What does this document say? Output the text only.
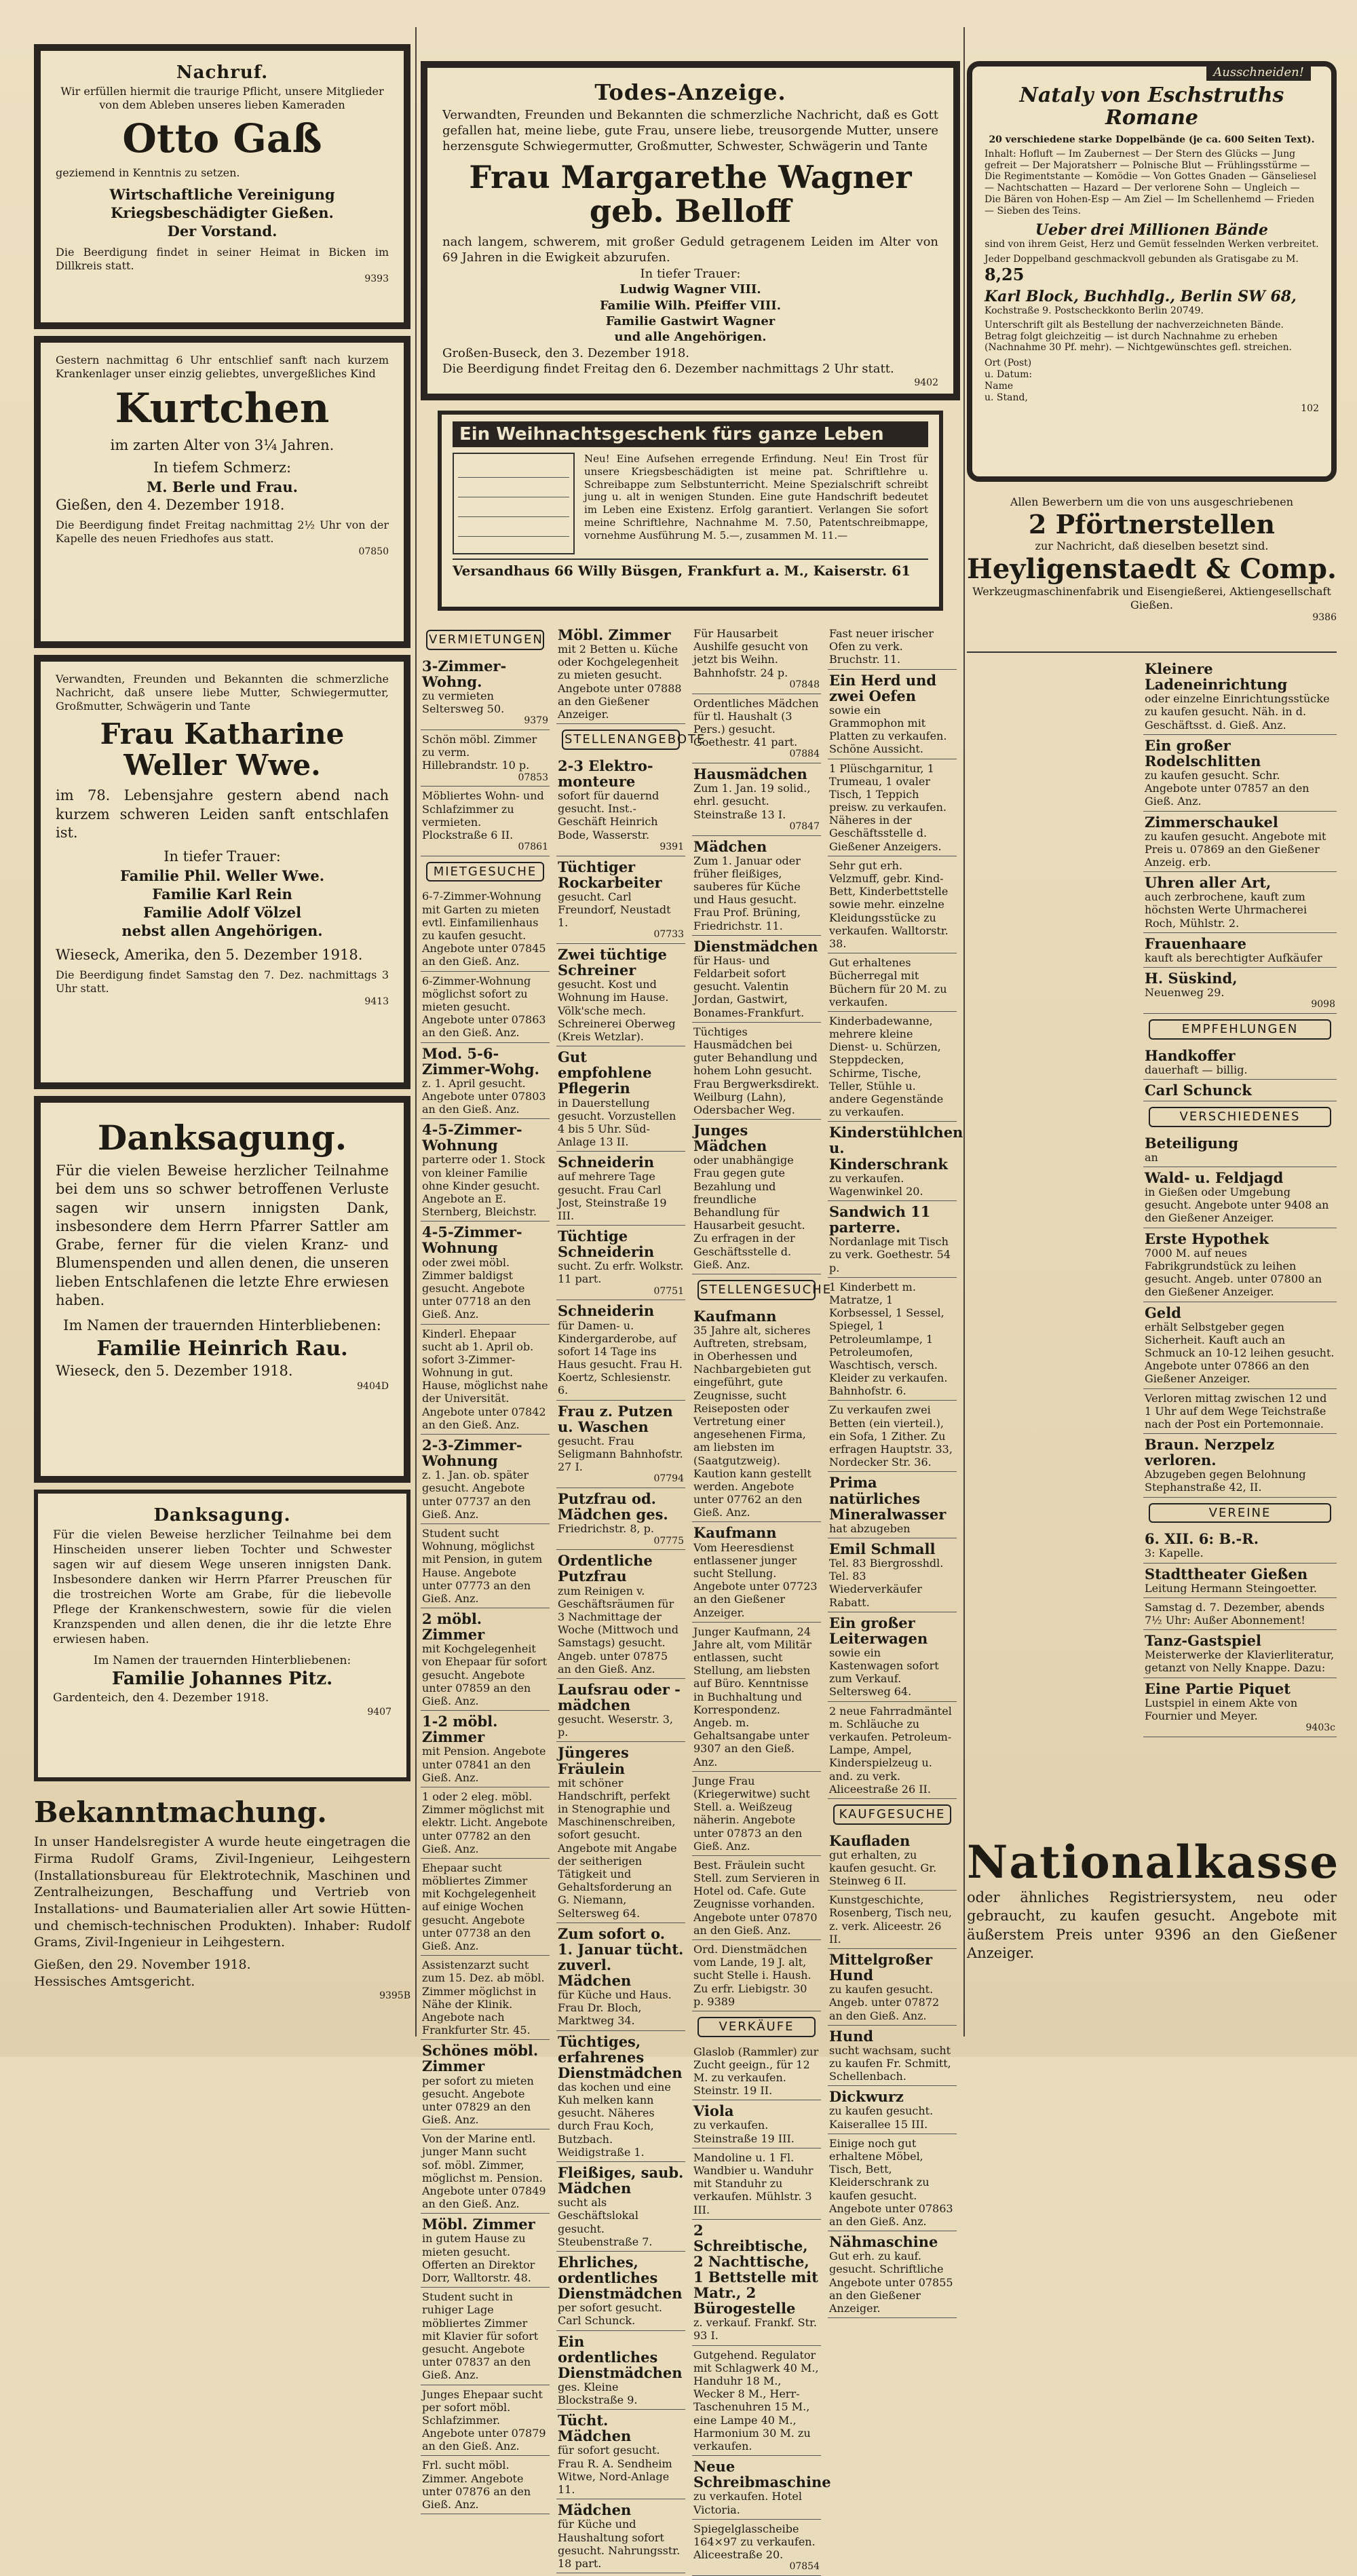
Nachruf.
Wir erfüllen hiermit die traurige Pflicht, unsere Mitglieder von dem Ableben unseres lieben Kameraden
Otto Gaß
geziemend in Kenntnis zu setzen.
Wirtschaftliche Vereinigung Kriegsbeschädigter Gießen.
Der Vorstand.
Die Beerdigung findet in seiner Heimat in Bicken im Dillkreis statt.
9393
Gestern nachmittag 6 Uhr entschlief sanft nach kurzem Krankenlager unser einzig geliebtes, unvergeßliches Kind
Kurtchen
im zarten Alter von 3¼ Jahren.
In tiefem Schmerz:
M. Berle und Frau.
Gießen, den 4. Dezember 1918.
Die Beerdigung findet Freitag nachmittag 2½ Uhr von der Kapelle des neuen Friedhofes aus statt.
07850
Verwandten, Freunden und Bekannten die schmerzliche Nachricht, daß unsere liebe Mutter, Schwiegermutter, Großmutter, Schwägerin und Tante
Frau Katharine Weller Wwe.
im 78. Lebensjahre gestern abend nach kurzem schweren Leiden sanft entschlafen ist.
In tiefer Trauer:
Familie Phil. Weller Wwe.
Familie Karl Rein
Familie Adolf Völzel
nebst allen Angehörigen.
Wieseck, Amerika, den 5. Dezember 1918.
Die Beerdigung findet Samstag den 7. Dez. nachmittags 3 Uhr statt.
9413
Danksagung.
Für die vielen Beweise herzlicher Teilnahme bei dem uns so schwer betroffenen Verluste sagen wir unsern innigsten Dank, insbesondere dem Herrn Pfarrer Sattler am Grabe, ferner für die vielen Kranz- und Blumenspenden und allen denen, die unseren lieben Entschlafenen die letzte Ehre erwiesen haben.
Im Namen der trauernden Hinterbliebenen:
Familie Heinrich Rau.
Wieseck, den 5. Dezember 1918.
9404D
Danksagung.
Für die vielen Beweise herzlicher Teilnahme bei dem Hinscheiden unserer lieben Tochter und Schwester sagen wir auf diesem Wege unseren innigsten Dank. Insbesondere danken wir Herrn Pfarrer Preuschen für die trostreichen Worte am Grabe, für die liebevolle Pflege der Krankenschwestern, sowie für die vielen Kranzspenden und allen denen, die ihr die letzte Ehre erwiesen haben.
Im Namen der trauernden Hinterbliebenen:
Familie Johannes Pitz.
Gardenteich, den 4. Dezember 1918.
9407
Bekanntmachung.
In unser Handelsregister A wurde heute eingetragen die Firma Rudolf Grams, Zivil-Ingenieur, Leihgestern (Installationsbureau für Elektrotechnik, Maschinen und Zentralheizungen, Beschaffung und Vertrieb von Installations- und Baumaterialien aller Art sowie Hütten- und chemisch-technischen Produkten). Inhaber: Rudolf Grams, Zivil-Ingenieur in Leihgestern.
Gießen, den 29. November 1918.
Hessisches Amtsgericht.
9395B
Todes-Anzeige.
Verwandten, Freunden und Bekannten die schmerzliche Nachricht, daß es Gott gefallen hat, meine liebe, gute Frau, unsere liebe, treusorgende Mutter, unsere herzensgute Schwiegermutter, Großmutter, Schwester, Schwägerin und Tante
Frau Margarethe Wagner geb. Belloff
nach langem, schwerem, mit großer Geduld getragenem Leiden im Alter von 69 Jahren in die Ewigkeit abzurufen.
In tiefer Trauer:
Ludwig Wagner VIII.
Familie Wilh. Pfeiffer VIII.
Familie Gastwirt Wagner
und alle Angehörigen.
Großen-Buseck, den 3. Dezember 1918.
Die Beerdigung findet Freitag den 6. Dezember nachmittags 2 Uhr statt.
9402
Ein Weihnachtsgeschenk fürs ganze Leben
Neu! Eine Aufsehen erregende Erfindung. Neu! Ein Trost für unsere Kriegsbeschädigten ist meine pat. Schriftlehre u. Schreibappe zum Selbstunterricht. Meine Spezialschrift schreibt jung u. alt in wenigen Stunden. Eine gute Handschrift bedeutet im Leben eine Existenz. Erfolg garantiert. Verlangen Sie sofort meine Schriftlehre, Nachnahme M. 7.50, Patentschreibmappe, vornehme Ausführung M. 5.—, zusammen M. 11.—
Versandhaus 66 Willy Büsgen, Frankfurt a. M., Kaiserstr. 61
VERMIETUNGEN
3-Zimmer-Wohng.
zu vermieten Seltersweg 50.
9379
Schön möbl. Zimmer zu verm. Hillebrandstr. 10 p.
07853
Möbliertes Wohn- und Schlafzimmer zu vermieten. Plockstraße 6 II.
07861
MIETGESUCHE
6-7-Zimmer-Wohnung mit Garten zu mieten evtl. Einfamilienhaus zu kaufen gesucht. Angebote unter 07845 an den Gieß. Anz.
6-Zimmer-Wohnung möglichst sofort zu mieten gesucht. Angebote unter 07863 an den Gieß. Anz.
Mod. 5-6-Zimmer-Wohg.
z. 1. April gesucht. Angebote unter 07803 an den Gieß. Anz.
4-5-Zimmer-Wohnung
parterre oder 1. Stock von kleiner Familie ohne Kinder gesucht. Angebote an E. Sternberg, Bleichstr.
4-5-Zimmer-Wohnung
oder zwei möbl. Zimmer baldigst gesucht. Angebote unter 07718 an den Gieß. Anz.
Kinderl. Ehepaar sucht ab 1. April ob. sofort 3-Zimmer-Wohnung in gut. Hause, möglichst nahe der Universität. Angebote unter 07842 an den Gieß. Anz.
2-3-Zimmer-Wohnung
z. 1. Jan. ob. später gesucht. Angebote unter 07737 an den Gieß. Anz.
Student sucht Wohnung, möglichst mit Pension, in gutem Hause. Angebote unter 07773 an den Gieß. Anz.
2 möbl. Zimmer
mit Kochgelegenheit von Ehepaar für sofort gesucht. Angebote unter 07859 an den Gieß. Anz.
1-2 möbl. Zimmer
mit Pension. Angebote unter 07841 an den Gieß. Anz.
1 oder 2 eleg. möbl. Zimmer möglichst mit elektr. Licht. Angebote unter 07782 an den Gieß. Anz.
Ehepaar sucht möbliertes Zimmer mit Kochgelegenheit auf einige Wochen gesucht. Angebote unter 07738 an den Gieß. Anz.
Assistenzarzt sucht zum 15. Dez. ab möbl. Zimmer möglichst in Nähe der Klinik. Angebote nach Frankfurter Str. 45.
Schönes möbl. Zimmer
per sofort zu mieten gesucht. Angebote unter 07829 an den Gieß. Anz.
Von der Marine entl. junger Mann sucht sof. möbl. Zimmer, möglichst m. Pension. Angebote unter 07849 an den Gieß. Anz.
Möbl. Zimmer
in gutem Hause zu mieten gesucht. Offerten an Direktor Dorr, Walltorstr. 48.
Student sucht in ruhiger Lage möbliertes Zimmer mit Klavier für sofort gesucht. Angebote unter 07837 an den Gieß. Anz.
Junges Ehepaar sucht per sofort möbl. Schlafzimmer. Angebote unter 07879 an den Gieß. Anz.
Frl. sucht möbl. Zimmer. Angebote unter 07876 an den Gieß. Anz.
Möbl. Zimmer
mit 2 Betten u. Küche oder Kochgelegenheit zu mieten gesucht. Angebote unter 07888 an den Gießener Anzeiger.
STELLENANGEBOTE
2-3 Elektro-monteure
sofort für dauernd gesucht. Inst.-Geschäft Heinrich Bode, Wasserstr.
9391
Tüchtiger Rockarbeiter
gesucht. Carl Freundorf, Neustadt 1.
07733
Zwei tüchtige Schreiner
gesucht. Kost und Wohnung im Hause. Völk'sche mech. Schreinerei Oberweg (Kreis Wetzlar).
Gut empfohlene Pflegerin
in Dauerstellung gesucht. Vorzustellen 4 bis 5 Uhr. Süd-Anlage 13 II.
Schneiderin
auf mehrere Tage gesucht. Frau Carl Jost, Steinstraße 19 III.
Tüchtige Schneiderin
sucht. Zu erfr. Wolkstr. 11 part.
07751
Schneiderin
für Damen- u. Kindergarderobe, auf sofort 14 Tage ins Haus gesucht. Frau H. Koertz, Schlesienstr. 6.
Frau z. Putzen u. Waschen
gesucht. Frau Seligmann Bahnhofstr. 27 I.
07794
Putzfrau od. Mädchen ges.
Friedrichstr. 8, p.
07775
Ordentliche Putzfrau
zum Reinigen v. Geschäftsräumen für 3 Nachmittage der Woche (Mittwoch und Samstags) gesucht. Angeb. unter 07875 an den Gieß. Anz.
Laufsrau oder -mädchen
gesucht. Weserstr. 3, p.
Jüngeres Fräulein
mit schöner Handschrift, perfekt in Stenographie und Maschinenschreiben, sofort gesucht. Angebote mit Angabe der seitherigen Tätigkeit und Gehaltsforderung an G. Niemann, Seltersweg 64.
Zum sofort o. 1. Januar tücht. zuverl. Mädchen
für Küche und Haus. Frau Dr. Bloch, Marktweg 34.
Tüchtiges, erfahrenes Dienstmädchen
das kochen und eine Kuh melken kann gesucht. Näheres durch Frau Koch, Butzbach. Weidigstraße 1.
Fleißiges, saub. Mädchen
sucht als Geschäftslokal gesucht. Steubenstraße 7.
Ehrliches, ordentliches Dienstmädchen
per sofort gesucht. Carl Schunck.
Ein ordentliches Dienstmädchen
ges. Kleine Blockstraße 9.
Tücht. Mädchen
für sofort gesucht. Frau R. A. Sendheim Witwe, Nord-Anlage 11.
Mädchen
für Küche und Haushaltung sofort gesucht. Nahrungsstr. 18 part.
Für Hausarbeit Aushilfe gesucht von jetzt bis Weihn. Bahnhofstr. 24 p.
07848
Ordentliches Mädchen für tl. Haushalt (3 Pers.) gesucht. Goethestr. 41 part.
07884
Hausmädchen
Zum 1. Jan. 19 solid., ehrl. gesucht. Steinstraße 13 I.
07847
Mädchen
Zum 1. Januar oder früher fleißiges, sauberes für Küche und Haus gesucht. Frau Prof. Brüning, Friedrichstr. 11.
Dienstmädchen
für Haus- und Feldarbeit sofort gesucht. Valentin Jordan, Gastwirt, Bonames-Frankfurt.
Tüchtiges Hausmädchen bei guter Behandlung und hohem Lohn gesucht. Frau Bergwerksdirekt. Weilburg (Lahn), Odersbacher Weg.
Junges Mädchen
oder unabhängige Frau gegen gute Bezahlung und freundliche Behandlung für Hausarbeit gesucht. Zu erfragen in der Geschäftsstelle d. Gieß. Anz.
STELLENGESUCHE
Kaufmann
35 Jahre alt, sicheres Auftreten, strebsam, in Oberhessen und Nachbargebieten gut eingeführt, gute Zeugnisse, sucht Reiseposten oder Vertretung einer angesehenen Firma, am liebsten im (Saatgutzweig). Kaution kann gestellt werden. Angebote unter 07762 an den Gieß. Anz.
Kaufmann
Vom Heeresdienst entlassener junger sucht Stellung. Angebote unter 07723 an den Gießener Anzeiger.
Junger Kaufmann, 24 Jahre alt, vom Militär entlassen, sucht Stellung, am liebsten auf Büro. Kenntnisse in Buchhaltung und Korrespondenz. Angeb. m. Gehaltsangabe unter 9307 an den Gieß. Anz.
Junge Frau (Kriegerwitwe) sucht Stell. a. Weißzeug näherin. Angebote unter 07873 an den Gieß. Anz.
Best. Fräulein sucht Stell. zum Servieren in Hotel od. Cafe. Gute Zeugnisse vorhanden. Angebote unter 07870 an den Gieß. Anz.
Ord. Dienstmädchen vom Lande, 19 J. alt, sucht Stelle i. Haush. Zu erfr. Liebigstr. 30 p. 9389
VERKÄUFE
Glaslob (Rammler) zur Zucht geeign., für 12 M. zu verkaufen. Steinstr. 19 II.
Viola
zu verkaufen. Steinstraße 19 III.
Mandoline u. 1 Fl. Wandbier u. Wanduhr mit Standuhr zu verkaufen. Mühlstr. 3 III.
2 Schreibtische, 2 Nachttische, 1 Bettstelle mit Matr., 2 Bürogestelle
z. verkauf. Frankf. Str. 93 I.
Gutgehend. Regulator mit Schlagwerk 40 M., Handuhr 18 M., Wecker 8 M., Herr-Taschenuhren 15 M., eine Lampe 40 M., Harmonium 30 M. zu verkaufen.
Neue Schreibmaschine
zu verkaufen. Hotel Victoria.
Spiegelglasscheibe 164×97 zu verkaufen. Aliceestraße 20.
07854
Fast neuer irischer Ofen zu verk. Bruchstr. 11.
Ein Herd und zwei Oefen
sowie ein Grammophon mit Platten zu verkaufen. Schöne Aussicht.
1 Plüschgarnitur, 1 Trumeau, 1 ovaler Tisch, 1 Teppich preisw. zu verkaufen. Näheres in der Geschäftsstelle d. Gießener Anzeigers.
Sehr gut erh. Velzmuff, gebr. Kind-Bett, Kinderbettstelle sowie mehr. einzelne Kleidungsstücke zu verkaufen. Walltorstr. 38.
Gut erhaltenes Bücherregal mit Büchern für 20 M. zu verkaufen.
Kinderbadewanne, mehrere kleine Dienst- u. Schürzen, Steppdecken, Schirme, Tische, Teller, Stühle u. andere Gegenstände zu verkaufen.
Kinderstühlchen u. Kinderschrank
zu verkaufen. Wagenwinkel 20.
Sandwich 11 parterre.
Nordanlage mit Tisch zu verk. Goethestr. 54 p.
1 Kinderbett m. Matratze, 1 Korbsessel, 1 Sessel, Spiegel, 1 Petroleumlampe, 1 Petroleumofen, Waschtisch, versch. Kleider zu verkaufen. Bahnhofstr. 6.
Zu verkaufen zwei Betten (ein vierteil.), ein Sofa, 1 Zither. Zu erfragen Hauptstr. 33, Nordecker Str. 36.
Prima natürliches Mineralwasser
hat abzugeben
Emil Schmall
Tel. 83 Biergrosshdl. Tel. 83 Wiederverkäufer Rabatt.
Ein großer Leiterwagen
sowie ein Kastenwagen sofort zum Verkauf. Seltersweg 64.
2 neue Fahrradmäntel m. Schläuche zu verkaufen. Petroleum-Lampe, Ampel, Kinderspielzeug u. and. zu verk. Aliceestraße 26 II.
KAUFGESUCHE
Kaufladen
gut erhalten, zu kaufen gesucht. Gr. Steinweg 6 II.
Kunstgeschichte, Rosenberg, Tisch neu, z. verk. Aliceestr. 26 II.
Mittelgroßer Hund
zu kaufen gesucht. Angeb. unter 07872 an den Gieß. Anz.
Hund
sucht wachsam, sucht zu kaufen Fr. Schmitt, Schellenbach.
Dickwurz
zu kaufen gesucht. Kaiserallee 15 III.
Einige noch gut erhaltene Möbel, Tisch, Bett, Kleiderschrank zu kaufen gesucht. Angebote unter 07863 an den Gieß. Anz.
Nähmaschine
Gut erh. zu kauf. gesucht. Schriftliche Angebote unter 07855 an den Gießener Anzeiger.
Ausschneiden!
Nataly von Eschstruths Romane
20 verschiedene starke Doppelbände (je ca. 600 Seiten Text).
Inhalt: Hofluft — Im Zaubernest — Der Stern des Glücks — Jung gefreit — Der Majoratsherr — Polnische Blut — Frühlingsstürme — Die Regimentstante — Komödie — Von Gottes Gnaden — Gänseliesel — Nachtschatten — Hazard — Der verlorene Sohn — Ungleich — Die Bären von Hohen-Esp — Am Ziel — Im Schellenhemd — Frieden — Sieben des Teins.
Ueber drei Millionen Bände
sind von ihrem Geist, Herz und Gemüt fesselnden Werken verbreitet.
Jeder Doppelband geschmackvoll gebunden als Gratisgabe zu M. 8,25
Karl Block, Buchhdlg., Berlin SW 68,
Kochstraße 9. Postscheckkonto Berlin 20749.
Unterschrift gilt als Bestellung der nachverzeichneten Bände. Betrag folgt gleichzeitig — ist durch Nachnahme zu erheben (Nachnahme 30 Pf. mehr). — Nichtgewünschtes gefl. streichen.
Ort (Post)
u. Datum:
Name
u. Stand,
102
Allen Bewerbern um die von uns ausgeschriebenen
2 Pförtnerstellen
zur Nachricht, daß dieselben besetzt sind.
Heyligenstaedt & Comp.
Werkzeugmaschinenfabrik und Eisengießerei, Aktiengesellschaft Gießen.
9386
Kleinere Ladeneinrichtung
oder einzelne Einrichtungsstücke zu kaufen gesucht. Näh. in d. Geschäftsst. d. Gieß. Anz.
Ein großer Rodelschlitten
zu kaufen gesucht. Schr. Angebote unter 07857 an den Gieß. Anz.
Zimmerschaukel
zu kaufen gesucht. Angebote mit Preis u. 07869 an den Gießener Anzeig. erb.
Uhren aller Art,
auch zerbrochene, kauft zum höchsten Werte Uhrmacherei Roch, Mühlstr. 2.
Frauenhaare
kauft als berechtigter Aufkäufer
H. Süskind,
Neuenweg 29.
9098
EMPFEHLUNGEN
Handkoffer
dauerhaft — billig.
Carl Schunck
VERSCHIEDENES
Beteiligung
an
Wald- u. Feldjagd
in Gießen oder Umgebung gesucht. Angebote unter 9408 an den Gießener Anzeiger.
Erste Hypothek
7000 M. auf neues Fabrikgrundstück zu leihen gesucht. Angeb. unter 07800 an den Gießener Anzeiger.
Geld
erhält Selbstgeber gegen Sicherheit. Kauft auch an Schmuck an 10-12 leihen gesucht. Angebote unter 07866 an den Gießener Anzeiger.
Verloren mittag zwischen 12 und 1 Uhr auf dem Wege Teichstraße nach der Post ein Portemonnaie.
Braun. Nerzpelz verloren.
Abzugeben gegen Belohnung Stephanstraße 42, II.
VEREINE
6. XII. 6: B.-R.
3: Kapelle.
Stadttheater Gießen
Leitung Hermann Steingoetter.
Samstag d. 7. Dezember, abends 7½ Uhr: Außer Abonnement!
Tanz-Gastspiel
Meisterwerke der Klavierliteratur, getanzt von Nelly Knappe. Dazu:
Eine Partie Piquet
Lustspiel in einem Akte von Fournier und Meyer.
9403c
Nationalkasse
oder ähnliches Registriersystem, neu oder gebraucht, zu kaufen gesucht. Angebote mit äußerstem Preis unter 9396 an den Gießener Anzeiger.
